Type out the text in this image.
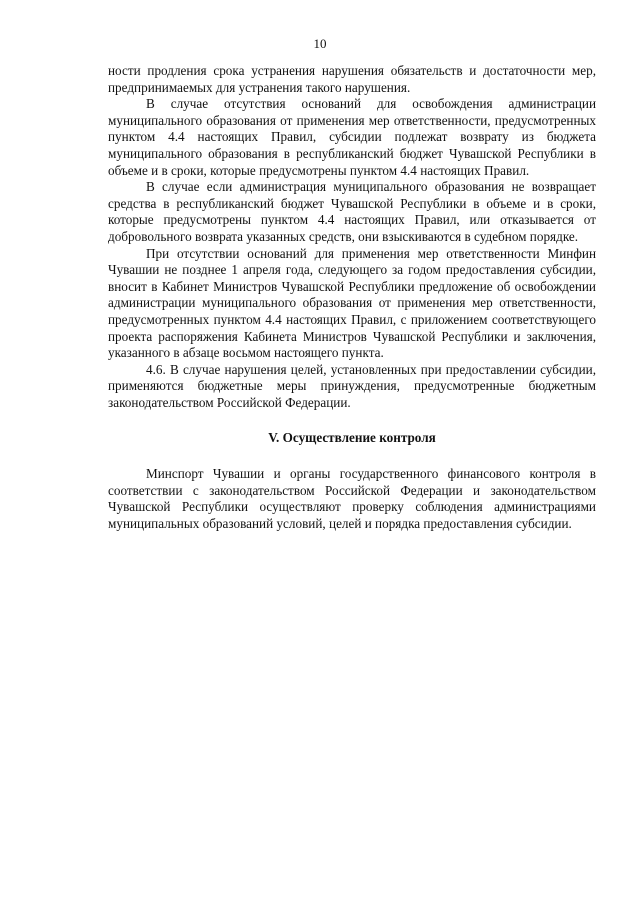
10

ности продления срока устранения нарушения обязательств и достаточности мер, предпринимаемых для устранения такого нарушения.

В случае отсутствия оснований для освобождения администрации муниципального образования от применения мер ответственности, предусмотренных пунктом 4.4 настоящих Правил, субсидии подлежат возврату из бюджета муниципального образования в республиканский бюджет Чувашской Республики в объеме и в сроки, которые предусмотрены пунктом 4.4 настоящих Правил.

В случае если администрация муниципального образования не возвращает средства в республиканский бюджет Чувашской Республики в объеме и в сроки, которые предусмотрены пунктом 4.4 настоящих Правил, или отказывается от добровольного возврата указанных средств, они взыскиваются в судебном порядке.

При отсутствии оснований для применения мер ответственности Минфин Чувашии не позднее 1 апреля года, следующего за годом предоставления субсидии, вносит в Кабинет Министров Чувашской Республики предложение об освобождении администрации муниципального образования от применения мер ответственности, предусмотренных пунктом 4.4 настоящих Правил, с приложением соответствующего проекта распоряжения Кабинета Министров Чувашской Республики и заключения, указанного в абзаце восьмом настоящего пункта.

4.6. В случае нарушения целей, установленных при предоставлении субсидии, применяются бюджетные меры принуждения, предусмотренные бюджетным законодательством Российской Федерации.

V. Осуществление контроля

Минспорт Чувашии и органы государственного финансового контроля в соответствии с законодательством Российской Федерации и законодательством Чувашской Республики осуществляют проверку соблюдения администрациями муниципальных образований условий, целей и порядка предоставления субсидии.
